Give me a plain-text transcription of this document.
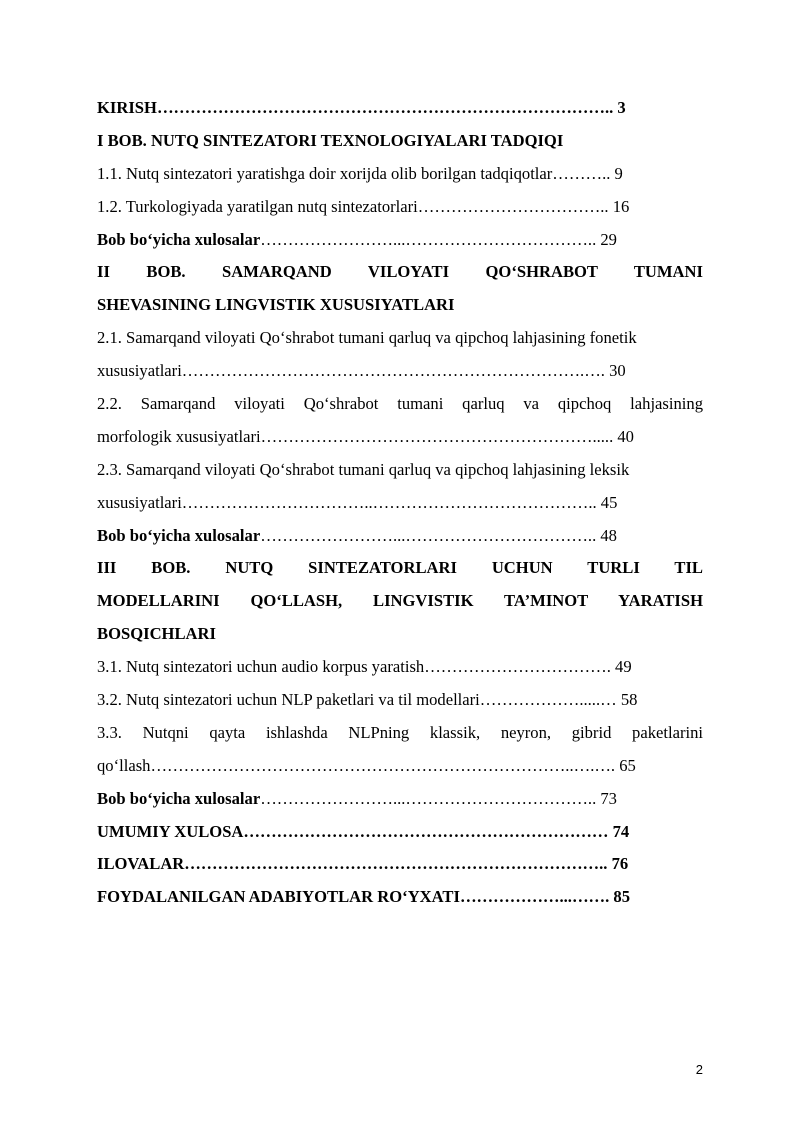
KIRISH……………………………………………………………………….. 3
I BOB. NUTQ SINTEZATORI TEXNOLOGIYALARI TADQIQI
1.1. Nutq sintezatori yaratishga doir xorijda olib borilgan tadqiqotlar……….. 9
1.2. Turkologiyada yaratilgan nutq sintezatorlari…………………………….. 16
Bob bo‘yicha xulosalar……………………...…………………………….. 29
II BOB. SAMARQAND VILOYATI QO‘SHRABOT TUMANI
SHEVASINING LINGVISTIK XUSUSIYATLARI
2.1. Samarqand viloyati Qo‘shrabot tumani qarluq va qipchoq lahjasining fonetik
xususiyatlari……………………………………………………………….…. 30
2.2. Samarqand viloyati Qo‘shrabot tumani qarluq va qipchoq lahjasining
morfologik xususiyatlari……………………………………………………..... 40
2.3. Samarqand viloyati Qo‘shrabot tumani qarluq va qipchoq lahjasining leksik
xususiyatlari……………………………..………………………………….. 45
Bob bo‘yicha xulosalar……………………...…………………………….. 48
III BOB. NUTQ SINTEZATORLARI UCHUN TURLI TIL
MODELLARINI QO‘LLASH, LINGVISTIK TA’MINOT YARATISH
BOSQICHLARI
3.1. Nutq sintezatori uchun audio korpus yaratish……………………………. 49
3.2. Nutq sintezatori uchun NLP paketlari va til modellari……………….....… 58
3.3. Nutqni qayta ishlashda NLPning klassik, neyron, gibrid paketlarini
qo‘llash…………………………………………………………………..….…. 65
Bob bo‘yicha xulosalar……………………...…………………………….. 73
UMUMIY XULOSA………………………………………………………… 74
ILOVALAR………………………………………………………………….. 76
FOYDALANILGAN ADABIYOTLAR RO‘YXATI………………...……. 85
2
